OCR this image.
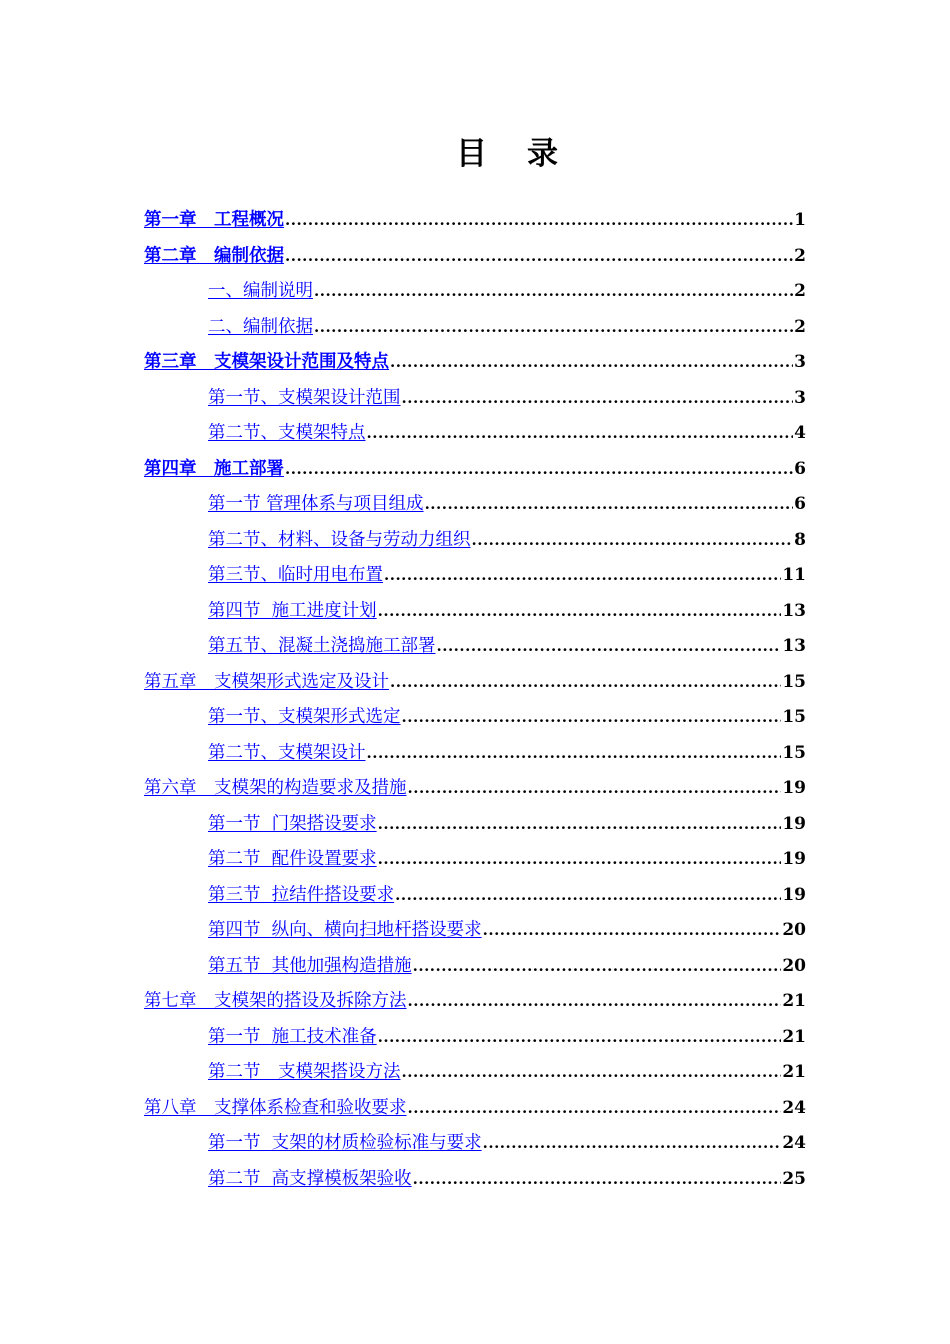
目 录
第一章　工程概况 .....	1
第二章　编制依据 .....	2
一、编制说明 .....	2
二、编制依据 .....	2
第三章　支模架设计范围及特点 .....	3
第一节、支模架设计范围 .....	3
第二节、支模架特点 .....	4
第四章　施工部署 .....	6
第一节 管理体系与项目组成 .....	6
第二节、材料、设备与劳动力组织 .....	8
第三节、临时用电布置 .....	11
第四节  施工进度计划 .....	13
第五节、混凝土浇捣施工部署 .....	13
第五章　支模架形式选定及设计 .....	15
第一节、支模架形式选定 .....	15
第二节、支模架设计 .....	15
第六章　支模架的构造要求及措施 .....	19
第一节  门架搭设要求 .....	19
第二节  配件设置要求 .....	19
第三节  拉结件搭设要求 .....	19
第四节  纵向、横向扫地杆搭设要求 .....	20
第五节  其他加强构造措施 .....	20
第七章　支模架的搭设及拆除方法 .....	21
第一节  施工技术准备 .....	21
第二节　支模架搭设方法 .....	21
第八章　支撑体系检查和验收要求 .....	24
第一节  支架的材质检验标准与要求 .....	24
第二节  高支撑模板架验收 .....	25
